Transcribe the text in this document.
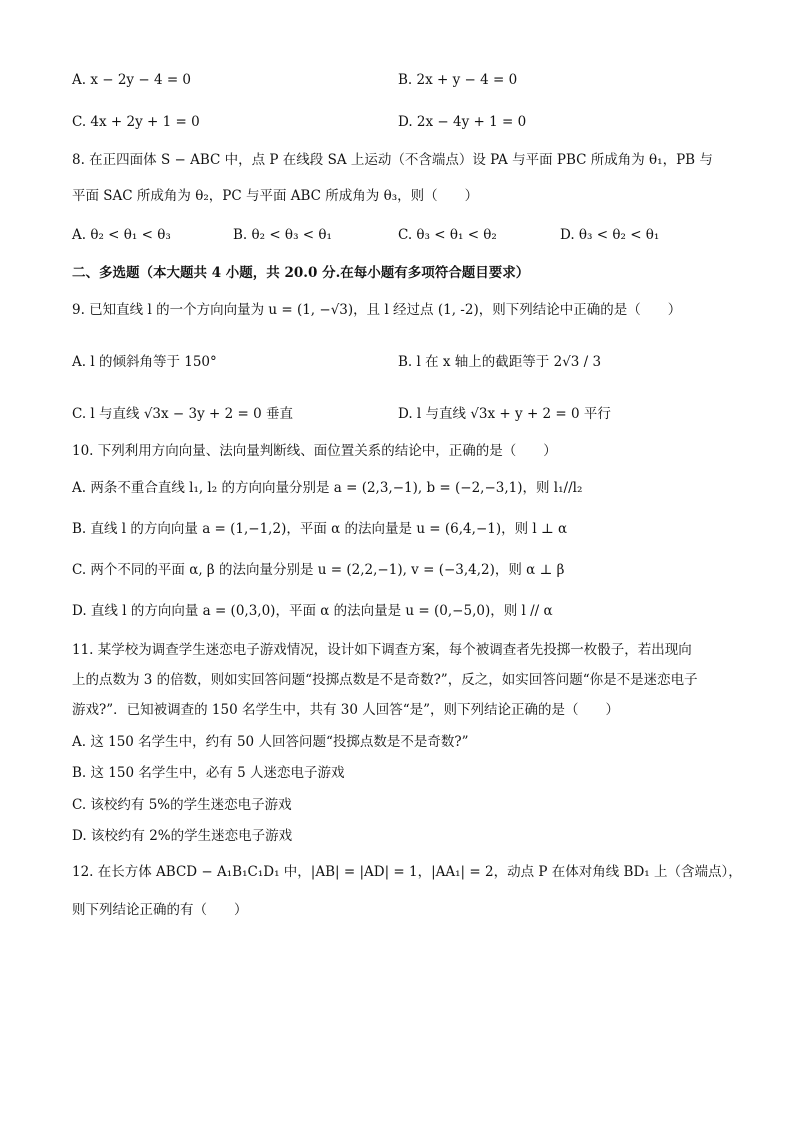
A. x − 2y − 4 = 0	B. 2x + y − 4 = 0
C. 4x + 2y + 1 = 0	D. 2x − 4y + 1 = 0
8. 在正四面体 S − ABC 中，点 P 在线段 SA 上运动（不含端点）设 PA 与平面 PBC 所成角为 θ₁，PB 与
平面 SAC 所成角为 θ₂，PC 与平面 ABC 所成角为 θ₃，则（　　）
A. θ₂ < θ₁ < θ₃	B. θ₂ < θ₃ < θ₁	C. θ₃ < θ₁ < θ₂	D. θ₃ < θ₂ < θ₁
二、多选题（本大题共 4 小题，共 20.0 分.在每小题有多项符合题目要求）
9. 已知直线 l 的一个方向向量为 u = (1, −√3)，且 l 经过点 (1, -2)，则下列结论中正确的是（　　）
A. l 的倾斜角等于 150°	B. l 在 x 轴上的截距等于 2√3 / 3
C. l 与直线 √3x − 3y + 2 = 0 垂直	D. l 与直线 √3x + y + 2 = 0 平行
10. 下列利用方向向量、法向量判断线、面位置关系的结论中，正确的是（　　）
A. 两条不重合直线 l₁, l₂ 的方向向量分别是 a = (2,3,−1), b = (−2,−3,1)，则 l₁//l₂
B. 直线 l 的方向向量 a = (1,−1,2)，平面 α 的法向量是 u = (6,4,−1)，则 l ⊥ α
C. 两个不同的平面 α, β 的法向量分别是 u = (2,2,−1), v = (−3,4,2)，则 α ⊥ β
D. 直线 l 的方向向量 a = (0,3,0)，平面 α 的法向量是 u = (0,−5,0)，则 l // α
11. 某学校为调查学生迷恋电子游戏情况，设计如下调查方案，每个被调查者先投掷一枚骰子，若出现向
上的点数为 3 的倍数，则如实回答问题“投掷点数是不是奇数?”，反之，如实回答问题“你是不是迷恋电子
游戏?”．已知被调查的 150 名学生中，共有 30 人回答“是”，则下列结论正确的是（　　）
A. 这 150 名学生中，约有 50 人回答问题“投掷点数是不是奇数?”
B. 这 150 名学生中，必有 5 人迷恋电子游戏
C. 该校约有 5%的学生迷恋电子游戏
D. 该校约有 2%的学生迷恋电子游戏
12. 在长方体 ABCD − A₁B₁C₁D₁ 中，|AB| = |AD| = 1，|AA₁| = 2，动点 P 在体对角线 BD₁ 上（含端点），
则下列结论正确的有（　　）
